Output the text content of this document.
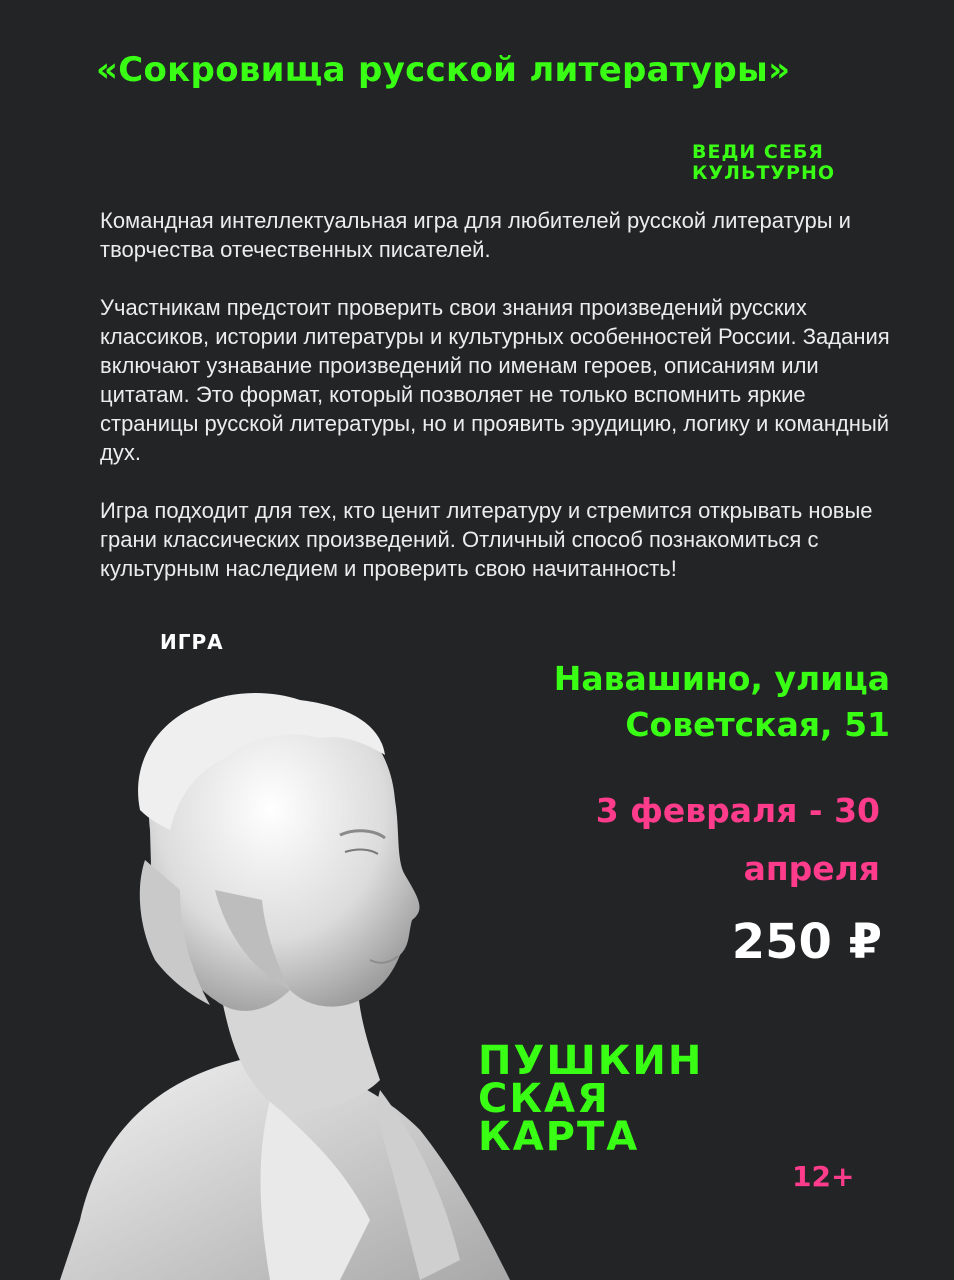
«Сокровища русской литературы»
ВЕДИ СЕБЯ
КУЛЬТУРНО

Командная интеллектуальная игра для любителей русской литературы и творчества отечественных писателей.

Участникам предстоит проверить свои знания произведений русских классиков, истории литературы и культурных особенностей России. Задания включают узнавание произведений по именам героев, описаниям или цитатам. Это формат, который позволяет не только вспомнить яркие страницы русской литературы, но и проявить эрудицию, логику и командный дух.

Игра подходит для тех, кто ценит литературу и стремится открывать новые грани классических произведений. Отличный способ познакомиться с культурным наследием и проверить свою начитанность!

ИГРА
Навашино, улица
Советская, 51
3 февраля - 30
апреля
250 ₽
ПУШКИН
СКАЯ
КАРТА
12+
